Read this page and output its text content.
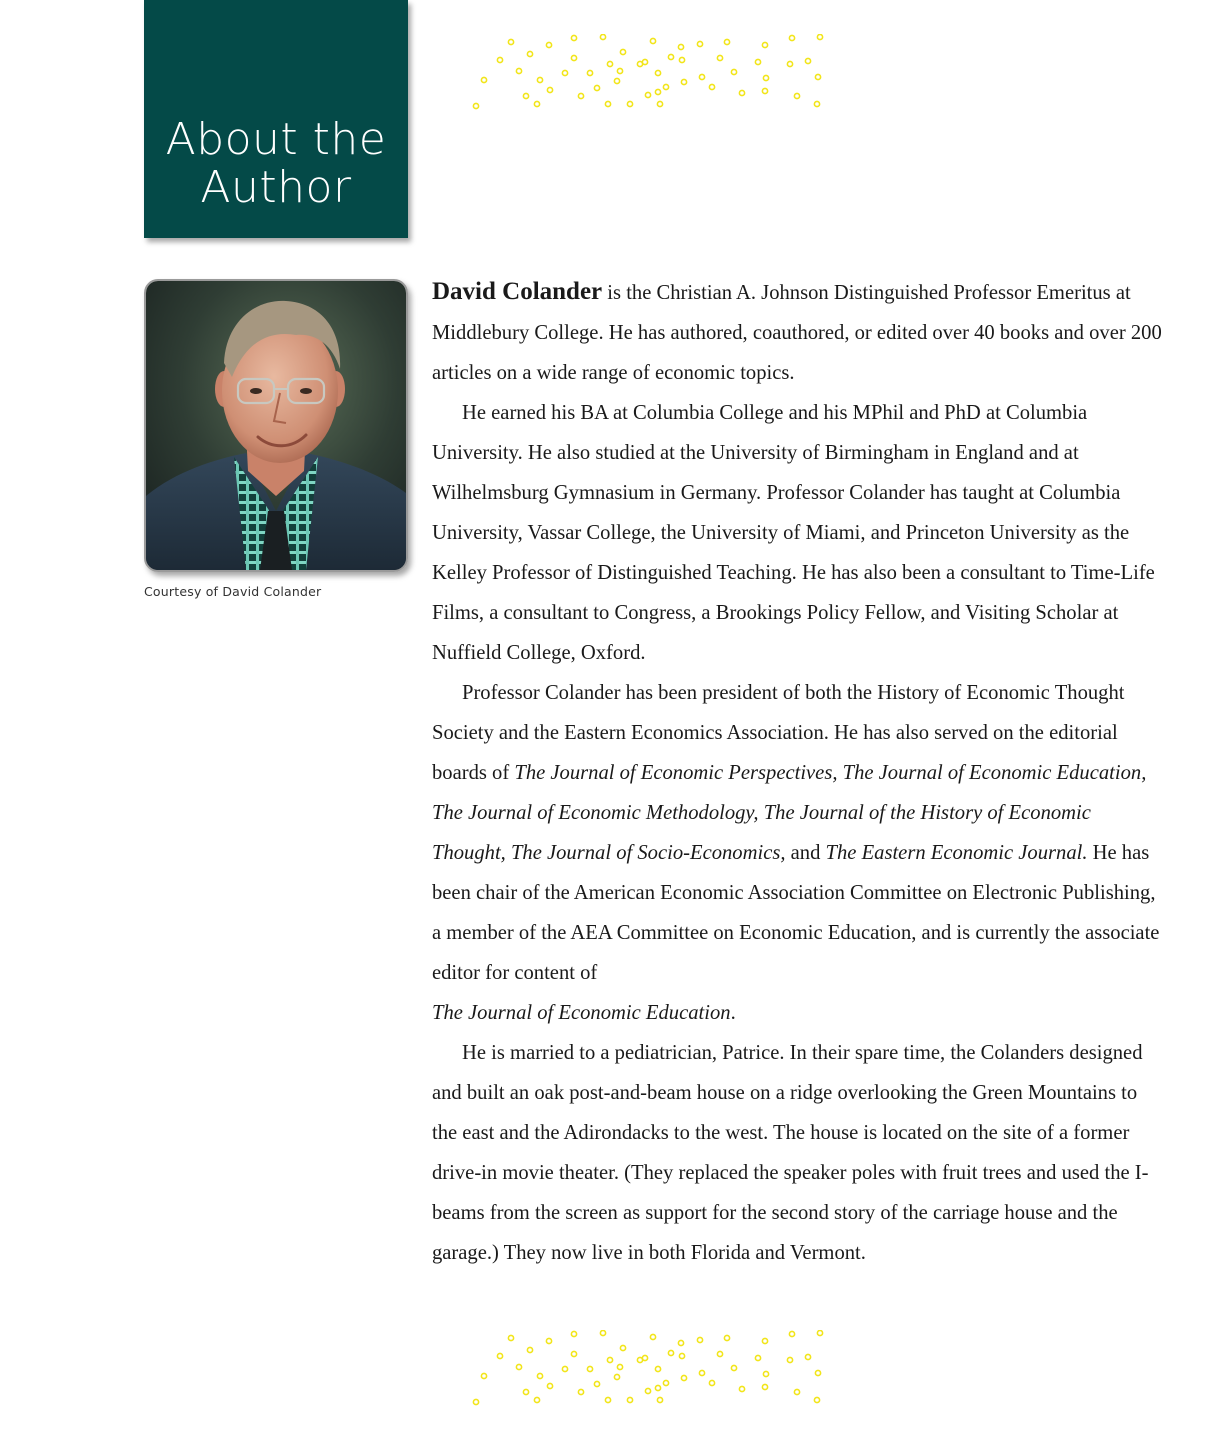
About the
Author
Courtesy of David Colander

David Colander is the Christian A. Johnson Distinguished Professor Emeritus at Middlebury College. He has authored, coauthored, or edited over 40 books and over 200 articles on a wide range of economic topics.

He earned his BA at Columbia College and his MPhil and PhD at Columbia University. He also studied at the University of Birmingham in England and at Wilhelmsburg Gymnasium in Germany. Professor Colander has taught at Columbia University, Vassar College, the University of Miami, and Princeton University as the Kelley Professor of Distinguished Teaching. He has also been a consultant to Time-Life Films, a consultant to Congress, a Brookings Policy Fellow, and Visiting Scholar at Nuffield College, Oxford.

Professor Colander has been president of both the History of Economic Thought Society and the Eastern Economics Association. He has also served on the editorial boards of The Journal of Economic Perspectives, The Journal of Economic Education, The Journal of Economic Methodology, The Journal of the History of Economic Thought, The Journal of Socio-Economics, and The Eastern Economic Journal. He has been chair of the American Economic Association Committee on Electronic Publishing, a member of the AEA Committee on Economic Education, and is currently the associate editor for content of
The Journal of Economic Education.

He is married to a pediatrician, Patrice. In their spare time, the Colanders designed and built an oak post-and-beam house on a ridge overlooking the Green Mountains to the east and the Adirondacks to the west. The house is located on the site of a former drive-in movie theater. (They replaced the speaker poles with fruit trees and used the I-beams from the screen as support for the second story of the carriage house and the garage.) They now live in both Florida and Vermont.
